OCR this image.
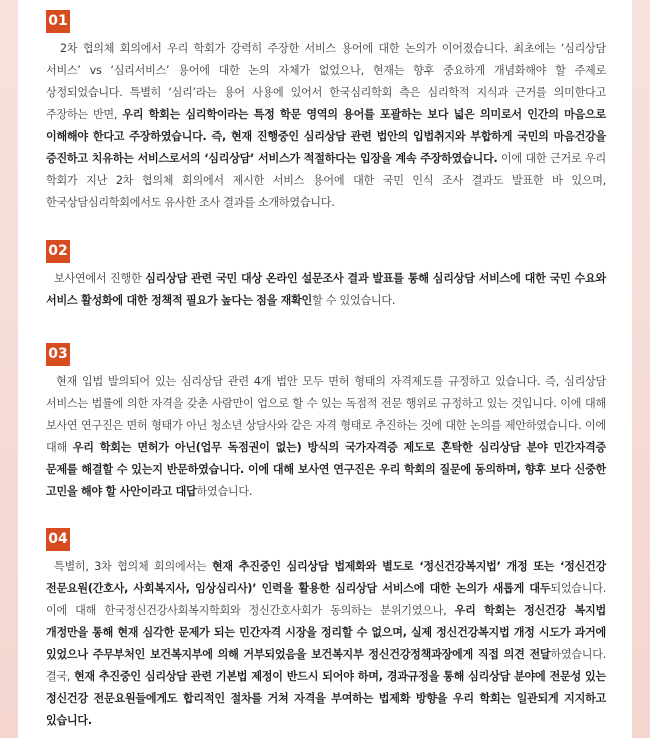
01
2차 협의체 회의에서 우리 학회가 강력히 주장한 서비스 용어에 대한 논의가 이어졌습니다. 최초에는 ‘심리상담 서비스’ vs ‘심리서비스’ 용어에 대한 논의 자체가 없었으나, 현재는 향후 중요하게 개념화해야 할 주제로 상정되었습니다. 특별히 ‘심리’라는 용어 사용에 있어서 한국심리학회 측은 심리학적 지식과 근거를 의미한다고 주장하는 반면, 우리 학회는 심리학이라는 특정 학문 영역의 용어를 포괄하는 보다 넓은 의미로서 인간의 마음으로 이해해야 한다고 주장하였습니다. 즉, 현재 진행중인 심리상담 관련 법안의 입법취지와 부합하게 국민의 마음건강을 증진하고 치유하는 서비스로서의 ‘심리상담’ 서비스가 적절하다는 입장을 계속 주장하였습니다. 이에 대한 근거로 우리 학회가 지난 2차 협의체 회의에서 제시한 서비스 용어에 대한 국민 인식 조사 결과도 발표한 바 있으며, 한국상담심리학회에서도 유사한 조사 결과를 소개하였습니다.
02
보사연에서 진행한 심리상담 관련 국민 대상 온라인 설문조사 결과 발표를 통해 심리상담 서비스에 대한 국민 수요와 서비스 활성화에 대한 정책적 필요가 높다는 점을 재확인할 수 있었습니다.
03
현재 입법 발의되어 있는 심리상담 관련 4개 법안 모두 면허 형태의 자격제도를 규정하고 있습니다. 즉, 심리상담 서비스는 법률에 의한 자격을 갖춘 사람만이 업으로 할 수 있는 독점적 전문 행위로 규정하고 있는 것입니다. 이에 대해 보사연 연구진은 면허 형태가 아닌 청소년 상담사와 같은 자격 형태로 추진하는 것에 대한 논의를 제안하였습니다. 이에 대해 우리 학회는 면허가 아닌(업무 독점권이 없는) 방식의 국가자격증 제도로 혼탁한 심리상담 분야 민간자격증 문제를 해결할 수 있는지 반문하였습니다. 이에 대해 보사연 연구진은 우리 학회의 질문에 동의하며, 향후 보다 신중한 고민을 해야 할 사안이라고 대답하였습니다.
04
특별히, 3차 협의체 회의에서는 현재 추진중인 심리상담 법제화와 별도로 ‘정신건강복지법’ 개정 또는 ‘정신건강 전문요원(간호사, 사회복지사, 임상심리사)’ 인력을 활용한 심리상담 서비스에 대한 논의가 새롭게 대두되었습니다. 이에 대해 한국정신건강사회복지학회와 정신간호사회가 동의하는 분위기였으나, 우리 학회는 정신건강 복지법 개정만을 통해 현재 심각한 문제가 되는 민간자격 시장을 정리할 수 없으며, 실제 정신건강복지법 개정 시도가 과거에 있었으나 주무부처인 보건복지부에 의해 거부되었음을 보건복지부 정신건강정책과장에게 직접 의견 전달하였습니다. 결국, 현재 추진중인 심리상담 관련 기본법 제정이 반드시 되어야 하며, 경과규정을 통해 심리상담 분야에 전문성 있는 정신건강 전문요원들에게도 합리적인 절차를 거쳐 자격을 부여하는 법제화 방향을 우리 학회는 일관되게 지지하고 있습니다.
